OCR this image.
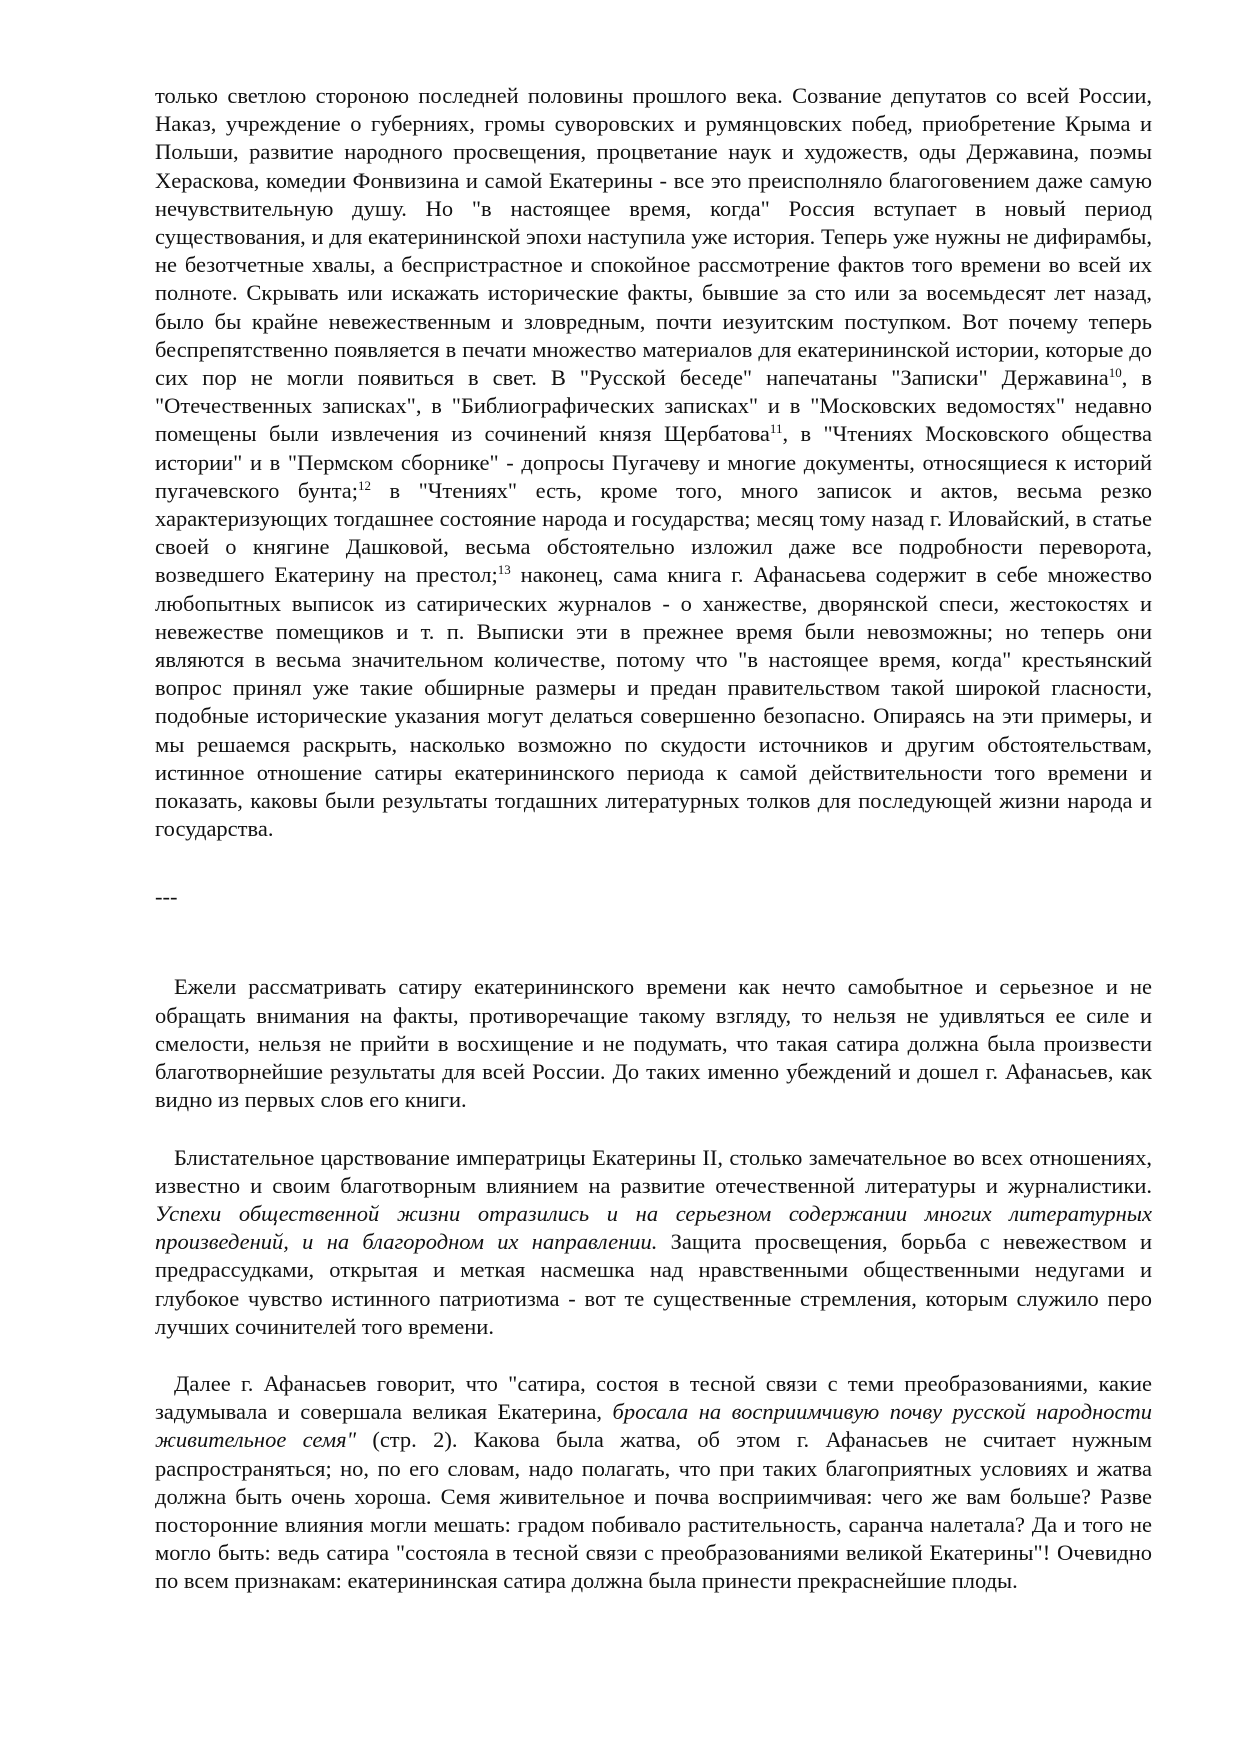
только светлою стороною последней половины прошлого века. Созвание депутатов со всей России, Наказ, учреждение о губерниях, громы суворовских и румянцовских побед, приобретение Крыма и Польши, развитие народного просвещения, процветание наук и художеств, оды Державина, поэмы Хераскова, комедии Фонвизина и самой Екатерины - все это преисполняло благоговением даже самую нечувствительную душу. Но "в настоящее время, когда" Россия вступает в новый период существования, и для екатерининской эпохи наступила уже история. Теперь уже нужны не дифирамбы, не безотчетные хвалы, а беспристрастное и спокойное рассмотрение фактов того времени во всей их полноте. Скрывать или искажать исторические факты, бывшие за сто или за восемьдесят лет назад, было бы крайне невежественным и зловредным, почти иезуитским поступком. Вот почему теперь беспрепятственно появляется в печати множество материалов для екатерининской истории, которые до сих пор не могли появиться в свет. В "Русской беседе" напечатаны "Записки" Державина$^{10}$, в "Отечественных записках", в "Библиографических записках" и в "Московских ведомостях" недавно помещены были извлечения из сочинений князя Щербатова$^{11}$, в "Чтениях Московского общества истории" и в "Пермском сборнике" - допросы Пугачеву и многие документы, относящиеся к историй пугачевского бунта;$^{12}$ в "Чтениях" есть, кроме того, много записок и актов, весьма резко характеризующих тогдашнее состояние народа и государства; месяц тому назад г. Иловайский, в статье своей о княгине Дашковой, весьма обстоятельно изложил даже все подробности переворота, возведшего Екатерину на престол;$^{13}$ наконец, сама книга г. Афанасьева содержит в себе множество любопытных выписок из сатирических журналов - о ханжестве, дворянской спеси, жестокостях и невежестве помещиков и т. п. Выписки эти в прежнее время были невозможны; но теперь они являются в весьма значительном количестве, потому что "в настоящее время, когда" крестьянский вопрос принял уже такие обширные размеры и предан правительством такой широкой гласности, подобные исторические указания могут делаться совершенно безопасно. Опираясь на эти примеры, и мы решаемся раскрыть, насколько возможно по скудости источников и другим обстоятельствам, истинное отношение сатиры екатерининского периода к самой действительности того времени и показать, каковы были результаты тогдашних литературных толков для последующей жизни народа и государства.

---

Ежели рассматривать сатиру екатерининского времени как нечто самобытное и серьезное и не обращать внимания на факты, противоречащие такому взгляду, то нельзя не удивляться ее силе и смелости, нельзя не прийти в восхищение и не подумать, что такая сатира должна была произвести благотворнейшие результаты для всей России. До таких именно убеждений и дошел г. Афанасьев, как видно из первых слов его книги.

Блистательное царствование императрицы Екатерины II, столько замечательное во всех отношениях, известно и своим благотворным влиянием на развитие отечественной литературы и журналистики. Успехи общественной жизни отразились и на серьезном содержании многих литературных произведений, и на благородном их направлении. Защита просвещения, борьба с невежеством и предрассудками, открытая и меткая насмешка над нравственными общественными недугами и глубокое чувство истинного патриотизма - вот те существенные стремления, которым служило перо лучших сочинителей того времени.

Далее г. Афанасьев говорит, что "сатира, состоя в тесной связи с теми преобразованиями, какие задумывала и совершала великая Екатерина, бросала на восприимчивую почву русской народности живительное семя" (стр. 2). Какова была жатва, об этом г. Афанасьев не считает нужным распространяться; но, по его словам, надо полагать, что при таких благоприятных условиях и жатва должна быть очень хороша. Семя живительное и почва восприимчивая: чего же вам больше? Разве посторонние влияния могли мешать: градом побивало растительность, саранча налетала? Да и того не могло быть: ведь сатира "состояла в тесной связи с преобразованиями великой Екатерины"! Очевидно по всем признакам: екатерининская сатира должна была принести прекраснейшие плоды.
